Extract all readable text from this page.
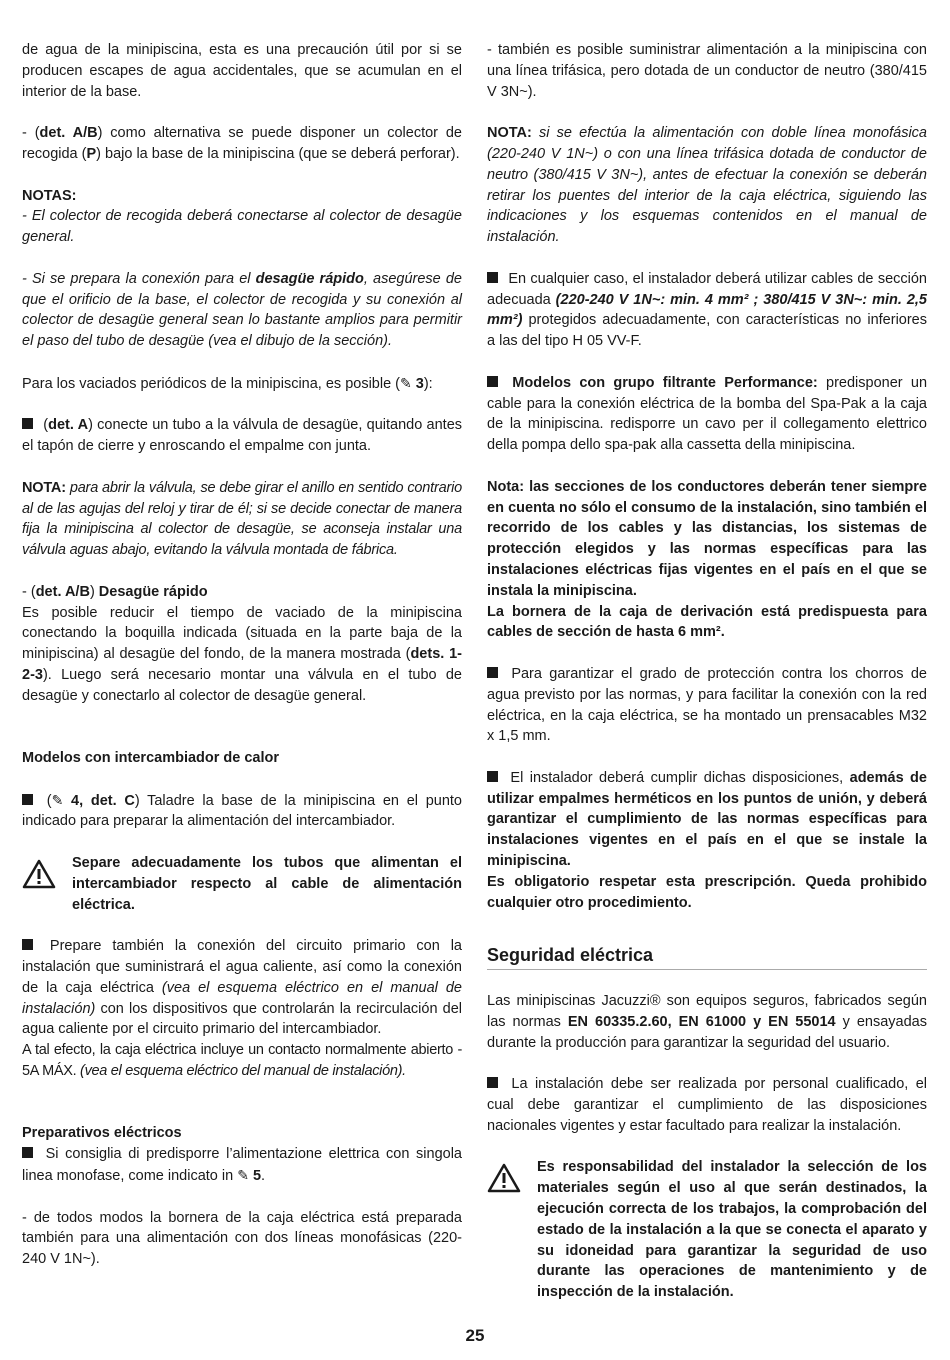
de agua de la minipiscina, esta es una precaución útil por si se producen escapes de agua accidentales, que se acumulan en el interior de la base.

- (det. A/B) como alternativa se puede disponer un colector de recogida (P) bajo la base de la minipiscina (que se deberá perforar).

NOTAS:

- El colector de recogida deberá conectarse al colector de desagüe general.

- Si se prepara la conexión para el desagüe rápido, asegúrese de que el orificio de la base, el colector de recogida y su conexión al colector de desagüe general sean lo bastante amplios para permitir el paso del tubo de desagüe (vea el dibujo de la sección).

Para los vaciados periódicos de la minipiscina, es posible (✎ 3):

(det. A) conecte un tubo a la válvula de desagüe, quitando antes el tapón de cierre y enroscando el empalme con junta.

NOTA: para abrir la válvula, se debe girar el anillo en sentido contrario al de las agujas del reloj y tirar de él; si se decide conectar de manera fija la minipiscina al colector de desagüe, se aconseja instalar una válvula aguas abajo, evitando la válvula montada de fábrica.

- (det. A/B) Desagüe rápido

Es posible reducir el tiempo de vaciado de la minipiscina conectando la boquilla indicada (situada en la parte baja de la minipiscina) al desagüe del fondo, de la manera mostrada (dets. 1-2-3). Luego será necesario montar una válvula en el tubo de desagüe y conectarlo al colector de desagüe general.

Modelos con intercambiador de calor

(✎ 4, det. C) Taladre la base de la minipiscina en el punto indicado para preparar la alimentación del intercambiador.

Separe adecuadamente los tubos que alimentan el intercambiador respecto al cable de alimentación eléctrica.

Prepare también la conexión del circuito primario con la instalación que suministrará el agua caliente, así como la conexión de la caja eléctrica (vea el esquema eléctrico en el manual de instalación) con los dispositivos que controlarán la recirculación del agua caliente por el circuito primario del intercambiador.

A tal efecto, la caja eléctrica incluye un contacto normalmente abierto - 5A MÁX. (vea el esquema eléctrico del manual de instalación).

Preparativos eléctricos

Si consiglia di predisporre l’alimentazione elettrica con singola linea monofase, come indicato in ✎ 5.

- de todos modos la bornera de la caja eléctrica está preparada también para una alimentación con dos líneas monofásicas (220-240 V 1N~).

- también es posible suministrar alimentación a la minipiscina con una línea trifásica, pero dotada de un conductor de neutro (380/415 V 3N~).

NOTA: si se efectúa la alimentación con doble línea monofásica (220-240 V 1N~) o con una línea trifásica dotada de conductor de neutro (380/415 V 3N~), antes de efectuar la conexión se deberán retirar los puentes del interior de la caja eléctrica, siguiendo las indicaciones y los esquemas contenidos en el manual de instalación.

En cualquier caso, el instalador deberá utilizar cables de sección adecuada (220-240 V 1N~: min. 4 mm² ; 380/415 V 3N~: min. 2,5 mm²) protegidos adecuadamente, con características no inferiores a las del tipo H 05 VV-F.

Modelos con grupo filtrante Performance: predisponer un cable para la conexión eléctrica de la bomba del Spa-Pak a la caja de la minipiscina. redisporre un cavo per il collegamento elettrico della pompa dello spa-pak alla cassetta della minipiscina.

Nota: las secciones de los conductores deberán tener siempre en cuenta no sólo el consumo de la instalación, sino también el recorrido de los cables y las distancias, los sistemas de protección elegidos y las normas específicas para las instalaciones eléctricas fijas vigentes en el país en el que se instala la minipiscina.

La bornera de la caja de derivación está predispuesta para cables de sección de hasta 6 mm².

Para garantizar el grado de protección contra los chorros de agua previsto por las normas, y para facilitar la conexión con la red eléctrica, en la caja eléctrica, se ha montado un prensacables M32 x 1,5 mm.

El instalador deberá cumplir dichas disposiciones, además de utilizar empalmes herméticos en los puntos de unión, y deberá garantizar el cumplimiento de las normas específicas para instalaciones vigentes en el país en el que se instale la minipiscina.

Es obligatorio respetar esta prescripción. Queda prohibido cualquier otro procedimiento.

Seguridad eléctrica

Las minipiscinas Jacuzzi® son equipos seguros, fabricados según las normas EN 60335.2.60, EN 61000 y EN 55014 y ensayadas durante la producción para garantizar la seguridad del usuario.

La instalación debe ser realizada por personal cualificado, el cual debe garantizar el cumplimiento de las disposiciones nacionales vigentes y estar facultado para realizar la instalación.

Es responsabilidad del instalador la selección de los materiales según el uso al que serán destinados, la ejecución correcta de los trabajos, la comprobación del estado de la instalación a la que se conecta el aparato y su idoneidad para garantizar la seguridad de uso durante las operaciones de mantenimiento y de inspección de la instalación.

25
